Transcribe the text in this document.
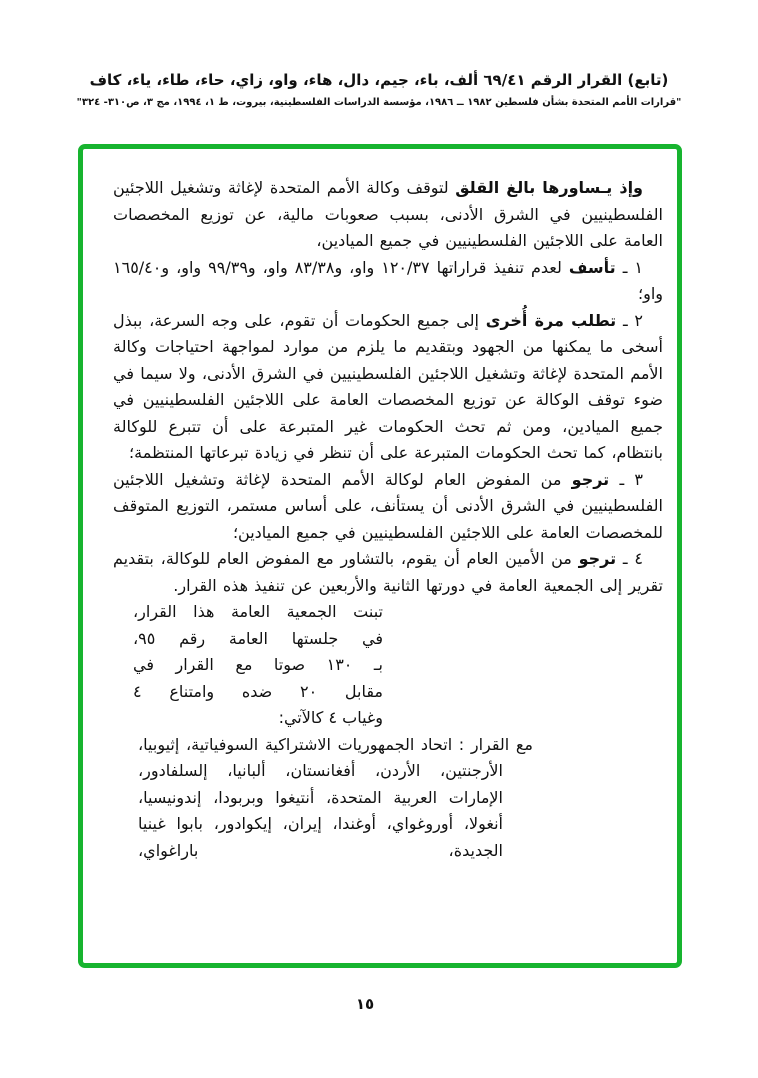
(تابع) القرار الرقم ٦٩/٤١ ألف، باء، جيم، دال، هاء، واو، زاي، حاء، طاء، ياء، كاف
"قرارات الأمم المتحدة بشأن فلسطين ١٩٨٢ ــ ١٩٨٦، مؤسسة الدراسات الفلسطينية، بيروت، ط ١، ١٩٩٤، مج ٣، ص٣١٠- ٣٢٤"

وإذ يـساورها بالغ القلق لتوقف وكالة الأمم المتحدة لإغاثة وتشغيل اللاجئين الفلسطينيين في الشرق الأدنى، بسبب صعوبات مالية، عن توزيع المخصصات العامة على اللاجئين الفلسطينيين في جميع الميادين،

١ ـ تأسف لعدم تنفيذ قراراتها ١٢٠/٣٧ واو، و٨٣/٣٨ واو، و٩٩/٣٩ واو، و١٦٥/٤٠ واو؛

٢ ـ تطلب مرة أُخرى إلى جميع الحكومات أن تقوم، على وجه السرعة، ببذل أسخى ما يمكنها من الجهود وبتقديم ما يلزم من موارد لمواجهة احتياجات وكالة الأمم المتحدة لإغاثة وتشغيل اللاجئين الفلسطينيين في الشرق الأدنى، ولا سيما في ضوء توقف الوكالة عن توزيع المخصصات العامة على اللاجئين الفلسطينيين في جميع الميادين، ومن ثم تحث الحكومات غير المتبرعة على أن تتبرع للوكالة بانتظام، كما تحث الحكومات المتبرعة على أن تنظر في زيادة تبرعاتها المنتظمة؛

٣ ـ ترجو من المفوض العام لوكالة الأمم المتحدة لإغاثة وتشغيل اللاجئين الفلسطينيين في الشرق الأدنى أن يستأنف، على أساس مستمر، التوزيع المتوقف للمخصصات العامة على اللاجئين الفلسطينيين في جميع الميادين؛

٤ ـ ترجو من الأمين العام أن يقوم، بالتشاور مع المفوض العام للوكالة، بتقديم تقرير إلى الجمعية العامة في دورتها الثانية والأربعين عن تنفيذ هذه القرار.

تبنت الجمعية العامة هذا القرار،
في جلستها العامة رقم ٩٥،
بـ ١٣٠ صوتا مع القرار في
مقابل ٢٠ ضده وامتناع ٤
وغياب ٤ كالآتي:
مع القرار : اتحاد الجمهوريات الاشتراكية السوفياتية، إثيوبيا، الأرجنتين، الأردن، أفغانستان، ألبانيا، إلسلفادور، الإمارات العربية المتحدة، أنتيغوا وبربودا، إندونيسيا، أنغولا، أوروغواي، أوغندا، إيران، إيكوادور، بابوا غينيا الجديدة، باراغواي،
١٥
